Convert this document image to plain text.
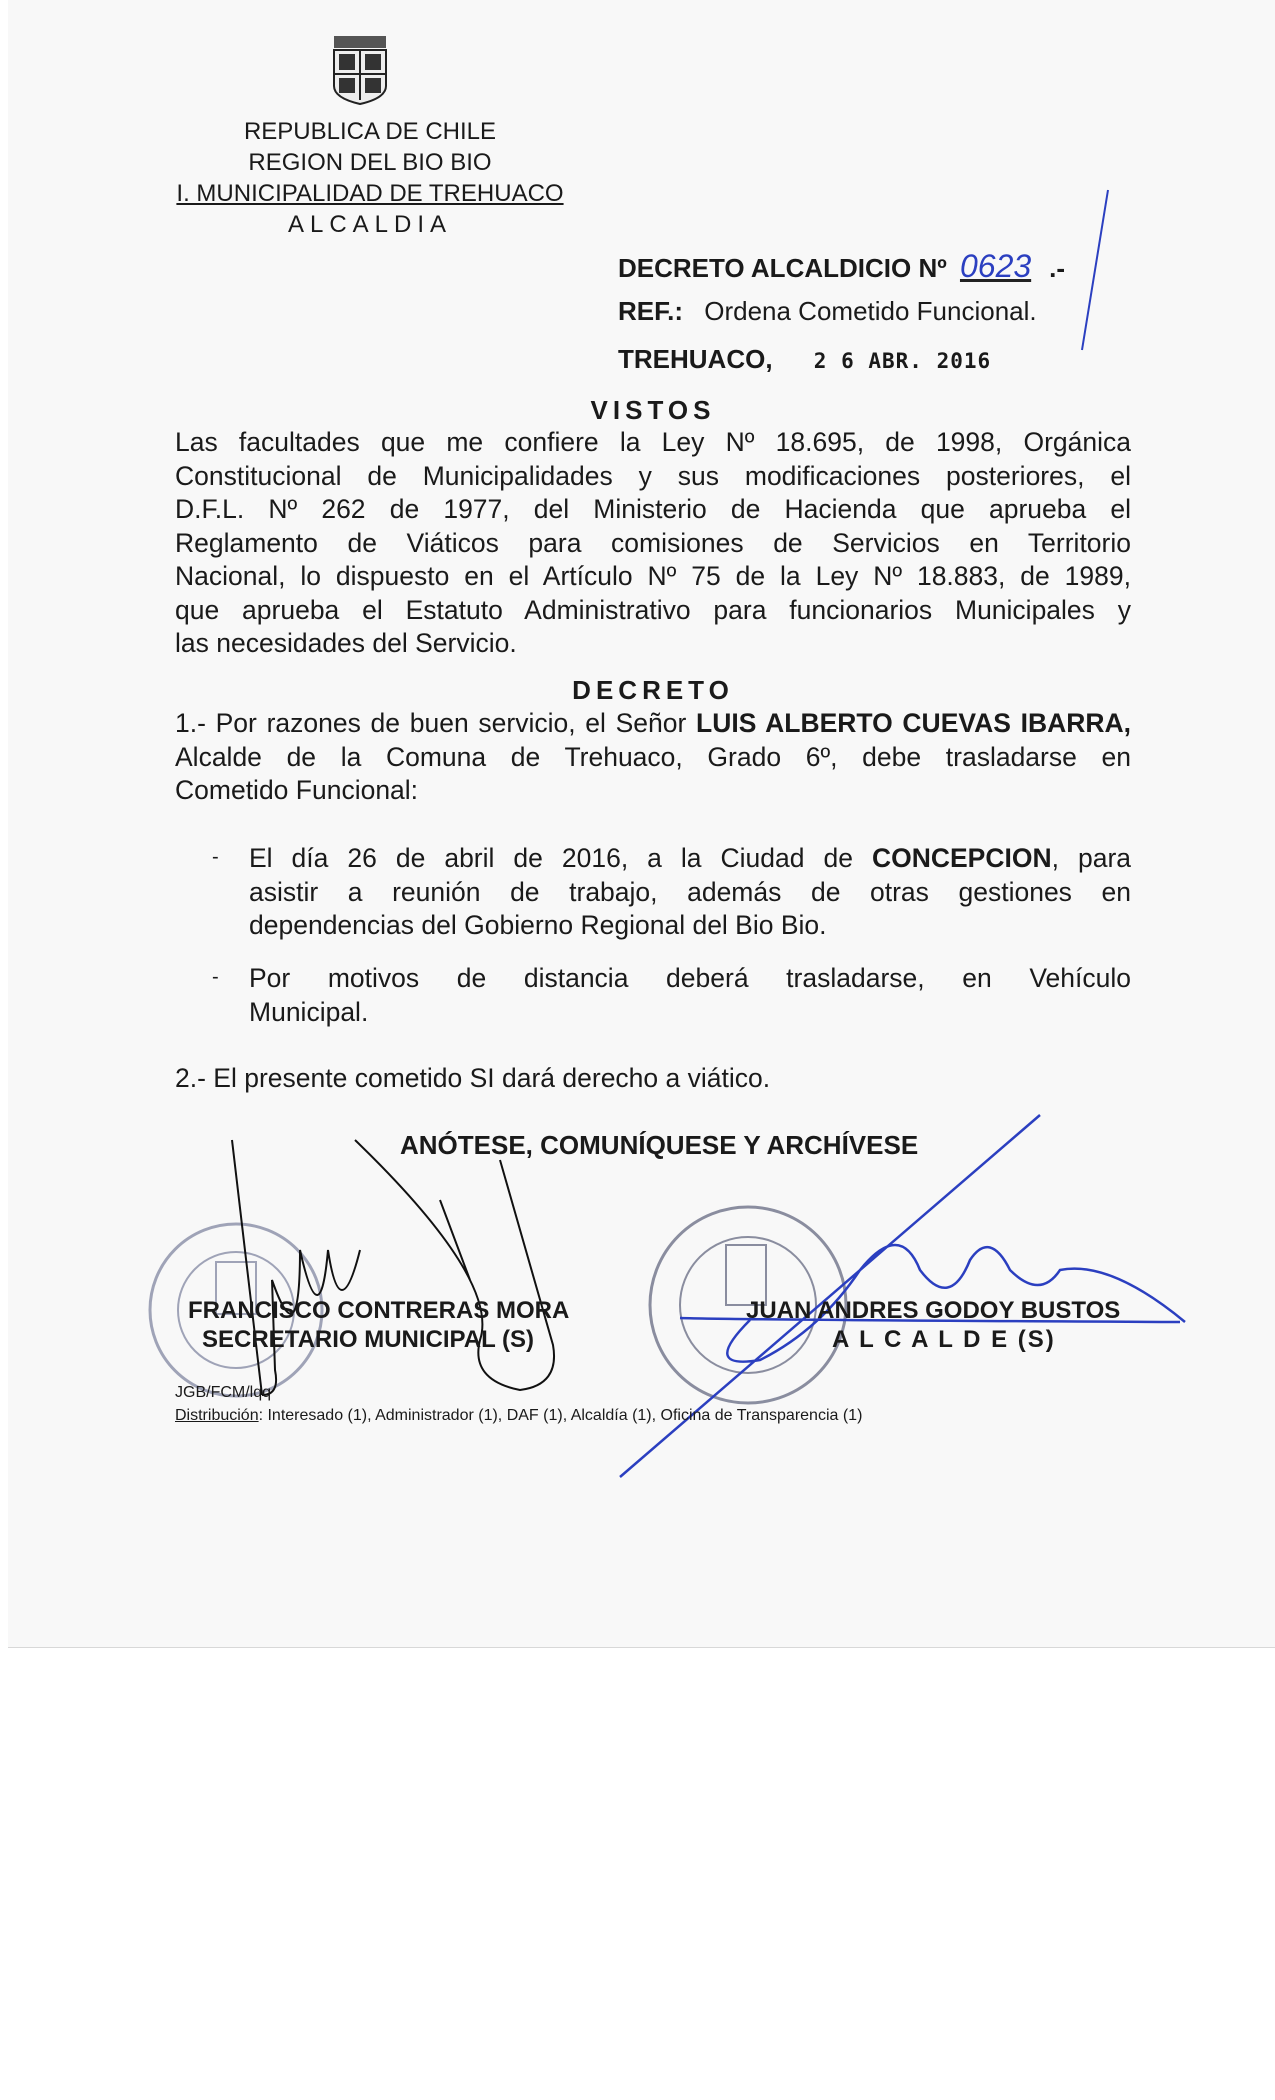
REPUBLICA DE CHILE
REGION DEL BIO BIO
I. MUNICIPALIDAD DE TREHUACO
ALCALDIA
DECRETO ALCALDICIO Nº 0623 .-
REF.: Ordena Cometido Funcional.
TREHUACO, 2 6 ABR. 2016
VISTOS
Las facultades que me confiere la Ley Nº 18.695, de 1998, Orgánica
Constitucional de Municipalidades y sus modificaciones posteriores, el
D.F.L. Nº 262 de 1977, del Ministerio de Hacienda que aprueba el
Reglamento de Viáticos para comisiones de Servicios en Territorio
Nacional, lo dispuesto en el Artículo Nº 75 de la Ley Nº 18.883, de 1989,
que aprueba el Estatuto Administrativo para funcionarios Municipales y
las necesidades del Servicio.
DECRETO
1.- Por razones de buen servicio, el Señor LUIS ALBERTO CUEVAS IBARRA,
Alcalde de la Comuna de Trehuaco, Grado 6º, debe trasladarse en
Cometido Funcional:
- El día 26 de abril de 2016, a la Ciudad de CONCEPCION, para
asistir a reunión de trabajo, además de otras gestiones en
dependencias del Gobierno Regional del Bio Bio.
- Por motivos de distancia deberá trasladarse, en Vehículo
Municipal.
2.- El presente cometido SI dará derecho a viático.
ANÓTESE, COMUNÍQUESE Y ARCHÍVESE
FRANCISCO CONTRERAS MORA
SECRETARIO MUNICIPAL (S)
JUAN ANDRES GODOY BUSTOS
A L C A L D E (S)
JGB/FCM/lqq
Distribución: Interesado (1), Administrador (1), DAF (1), Alcaldía (1), Oficina de Transparencia (1)
